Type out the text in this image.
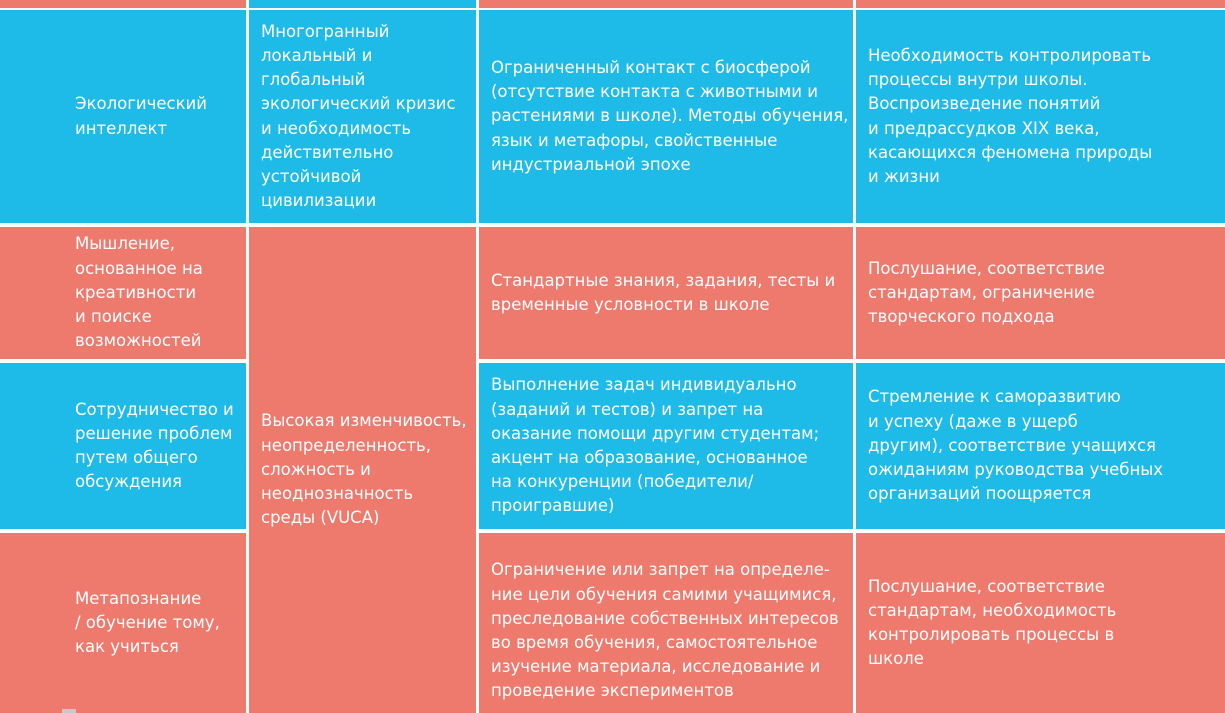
Экологический
интеллект
Многогранный
локальный и
глобальный
экологический кризис
и необходимость
действительно
устойчивой
цивилизации
Ограниченный контакт с биосферой
(отсутствие контакта с животными и
растениями в школе). Методы обучения,
язык и метафоры, свойственные
индустриальной эпохе
Необходимость контролировать
процессы внутри школы.
Воспроизведение понятий
и предрассудков XIX века,
касающихся феномена природы
и жизни
Мышление,
основанное на
креативности
и поиске
возможностей
Стандартные знания, задания, тесты и
временные условности в школе
Послушание, соответствие
стандартам, ограничение
творческого подхода
Высокая изменчивость,
неопределенность,
сложность и
неоднозначность
среды (VUCA)
Сотрудничество и
решение проблем
путем общего
обсуждения
Выполнение задач индивидуально
(заданий и тестов) и запрет на
оказание помощи другим студентам;
акцент на образование, основанное
на конкуренции (победители/
проигравшие)
Стремление к саморазвитию
и успеху (даже в ущерб
другим), соответствие учащихся
ожиданиям руководства учебных
организаций поощряется
Метапознание
/ обучение тому,
как учиться
Ограничение или запрет на определе-
ние цели обучения самими учащимися,
преследование собственных интересов
во время обучения, самостоятельное
изучение материала, исследование и
проведение экспериментов
Послушание, соответствие
стандартам, необходимость
контролировать процессы в
школе
